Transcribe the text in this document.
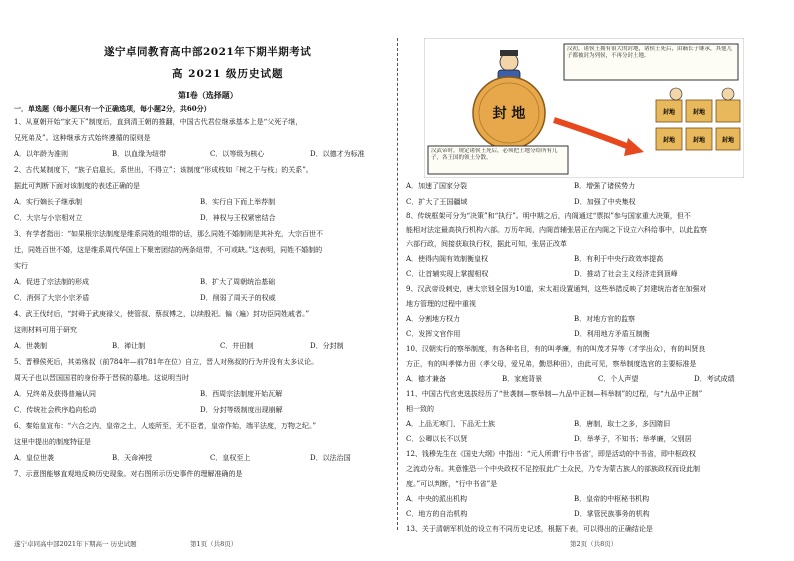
遂宁卓同教育高中部2021年下期半期考试
高 2021 级历史试题
第Ⅰ卷（选择题）
一．单选题（每小题只有一个正确选项，每小题2分，共60分）
1、从夏朝开始“家天下”制度后，直到清王朝的推翻，中国古代君位继承基本上是“父死子继，
兄死弟及”。这种继承方式始终遵循的原则是
A．以年龄为准则	B．以血缘为纽带	C．以等级为核心	D．以德才为标准
2、古代某制度下，“族子启扈长，系世出，不得立”；该制度“形成枝如「树之干与枝」的关系”。
据此可判断下面对该制度的表述正确的是
A．实行嫡长子继承制	B．实行自下而上举荐制
C．大宗与小宗相对立	D．神权与王权紧密结合
3、有学者指出：“如果根宗法制度是维系同姓的组带的话，那么同姓不婚制则是其补充，大宗百世不
迁，同姓百世不婚，这是维系周代华国上下聚密团结的两条纽带，不可或缺。”这表明，同姓不婚制的
实行
A．促进了宗法制的形成	B．扩大了周朝统治基础
C．消弭了大宗小宗矛盾	D．削弱了周天子的权威
4、武王伐纣后，“封舜于武庚禄父，使管叔、蔡叔傅之，以续殷祀。偏（遍）封功臣同姓戚者。”
这则材料可用于研究
A．世袭制	B．禅让制	C．井田制	D．分封制
5、晋穆侯死后，其弟殇叔（前784年—前781年在位）自立，晋人对殇叔的行为并没有太多议论。
周天子也以晋国国君的身份莽于晋侯的墓地。这说明当时
A．兄终弟及获得普遍认同	B．西周宗法制度开始瓦解
C．传统社会秩序趋向松动	D．分封等级制度出现崩解
6、秦始皇宣布：“六合之内，皇帝之土，人迹所至，无不臣者，皇帝作始，端平法度，万物之纪。”
这里中提出的制度特征是
A．皇位世袭	B．天命神授	C．皇权至上	D．以法治国
7、示意图能够直观地反映历史现象。对右图所示历史事件的理解准确的是
遂宁卓同高中部2021年下期高一 历史试题	第1页（共8页）
封 地
汉初，诸侯王拥有很大的封地，诸侯王死后，由嫡长子继承，其他儿子都被封为列侯，不再分封土地。
汉武帝时，规定诸侯王死后，必须把土地分给所有儿子，各王国的领土分散。
封地	封地
封地	封地	封地
A．加速了国家分裂	B．增强了诸侯势力
C．扩大了王国疆域	D．加强了中央集权
8、传统框架可分为“决策”和“执行”。明中期之后，内阁通过“票拟”参与国家重大决策，但不
能相对法定最高执行机构六部。万历年间，内阁首辅张居正在内阁之下设立六科给事中，以此监察
六部行政，间接获取执行权，据此可知，张居正改革
A．使得内阁有效制衡皇权	B．有利于中央行政效率提高
C．让首辅实现上掌握相权	D．推动了社会主义经济走到顶峰
9、汉武帝设刺史，唐太宗划全国为10道，宋太祖设置通判，这些举措反映了封建统治者在加强对
地方管理的过程中重视
A．分割地方权力	B．对地方官的监察
C．发挥文官作用	D．利用地方矛盾互制衡
10、汉朝实行的察举制度，有各种名目，有的叫孝廉，有的叫茂才异等（才学出众），有的叫贤良
方正，有的叫孝悌力田（孝父母，爱兄弟，勤恳种田），由此可见，察举制度选官的主要标准是
A．德才兼备	B．家庭背景	C．个人声望	D．考试成绩
11、中国古代官吏选拔经历了“世袭制—察举制—九品中正制—科举制”的过程，与“九品中正制”
相一致的
A．上品无寒门，下品无士族	B．唐制，取士之多，多因隋旧
C．公卿以长不以贤	D．举孝子，不知书；举孝廉，父别居
12、钱穆先生在《国史大纲》中指出：“元人所谓‘行中书省’，即是活动的中书省，即中枢政权
之流动分布。其意惟恐一个中央政权不足控驭此广土众民，乃专为蒙古族人的部族政权而设此制
度。”可以判断，“行中书省”是
A．中央的派出机构	B．皇帝的中枢秘书机构
C．地方的自治机构	D．掌管民族事务的机构
13、关于清朝军机处的设立有不同历史记述，根据下表，可以得出的正确结论是
第2页（共8页）
